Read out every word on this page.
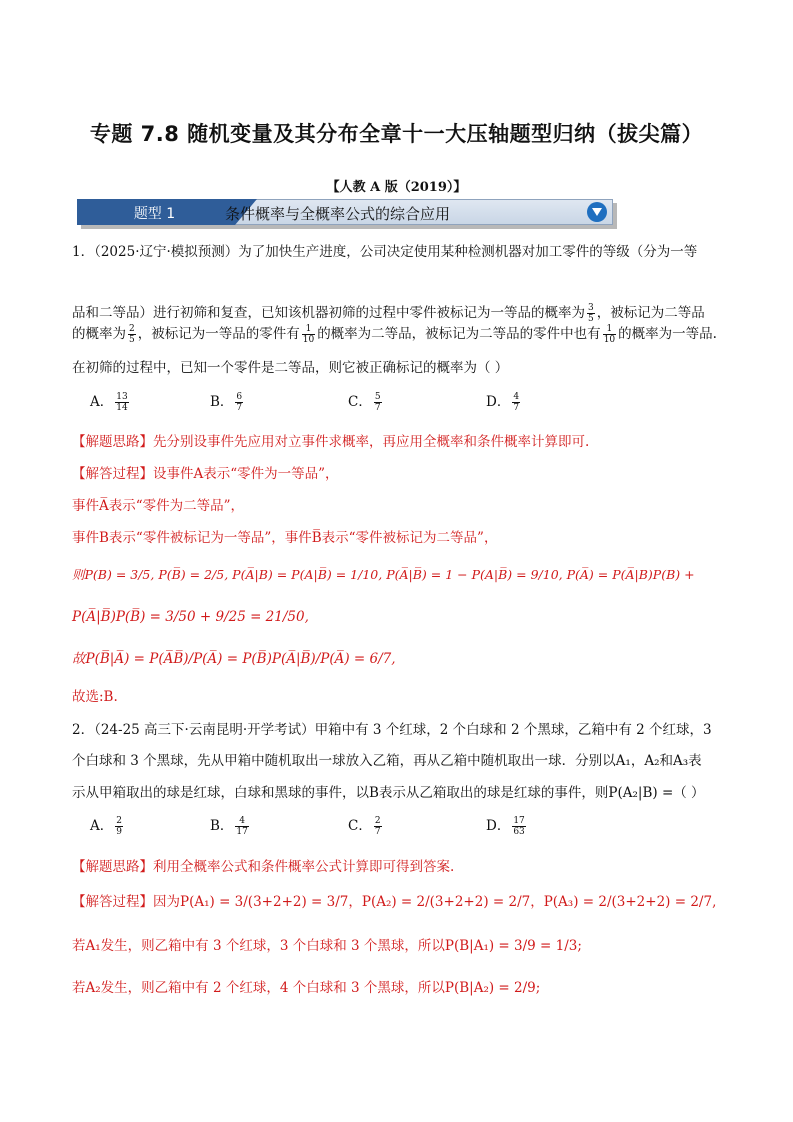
专题 7.8 随机变量及其分布全章十一大压轴题型归纳（拔尖篇）
【人教 A 版（2019）】
题型 1	条件概率与全概率公式的综合应用
1．（2025·辽宁·模拟预测）为了加快生产进度，公司决定使用某种检测机器对加工零件的等级（分为一等
品和二等品）进行初筛和复查，已知该机器初筛的过程中零件被标记为一等品的概率为 $\frac{3}{5}$ ，被标记为二等品
的概率为 $\frac{2}{5}$ ，被标记为一等品的零件有 $\frac{1}{10}$ 的概率为二等品，被标记为二等品的零件中也有 $\frac{1}{10}$ 的概率为一等品.
在初筛的过程中，已知一个零件是二等品，则它被正确标记的概率为（ ）
A． $\frac{13}{14}$	B． $\frac{6}{7}$	C． $\frac{5}{7}$	D． $\frac{4}{7}$
【解题思路】先分别设事件先应用对立事件求概率，再应用全概率和条件概率计算即可.
【解答过程】设事件A表示“零件为一等品”，
事件A̅表示“零件为二等品”，
事件B表示“零件被标记为一等品”，事件B̅表示“零件被标记为二等品”，
则P(B) = 3/5, P(B̅) = 2/5, P(A̅|B) = P(A|B̅) = 1/10, P(A̅|B̅) = 1 − P(A|B̅) = 9/10, P(A̅) = P(A̅|B)P(B) +
P(A̅|B̅)P(B̅) = 3/50 + 9/25 = 21/50,
故P(B̅|A̅) = P(A̅B̅)/P(A̅) = P(B̅)P(A̅|B̅)/P(A̅) = 6/7,
故选:B.
2．（24-25 高三下·云南昆明·开学考试）甲箱中有 3 个红球，2 个白球和 2 个黑球，乙箱中有 2 个红球，3
个白球和 3 个黑球，先从甲箱中随机取出一球放入乙箱，再从乙箱中随机取出一球．分别以A₁，A₂和A₃表
示从甲箱取出的球是红球，白球和黑球的事件，以B表示从乙箱取出的球是红球的事件，则P(A₂|B) =（ ）
A． $\frac{2}{9}$	B． $\frac{4}{17}$	C． $\frac{2}{7}$	D． $\frac{17}{63}$
【解题思路】利用全概率公式和条件概率公式计算即可得到答案.
【解答过程】因为P(A₁) = 3/(3+2+2) = 3/7，P(A₂) = 2/(3+2+2) = 2/7，P(A₃) = 2/(3+2+2) = 2/7,
若A₁发生，则乙箱中有 3 个红球，3 个白球和 3 个黑球，所以P(B|A₁) = 3/9 = 1/3;
若A₂发生，则乙箱中有 2 个红球，4 个白球和 3 个黑球，所以P(B|A₂) = 2/9;
